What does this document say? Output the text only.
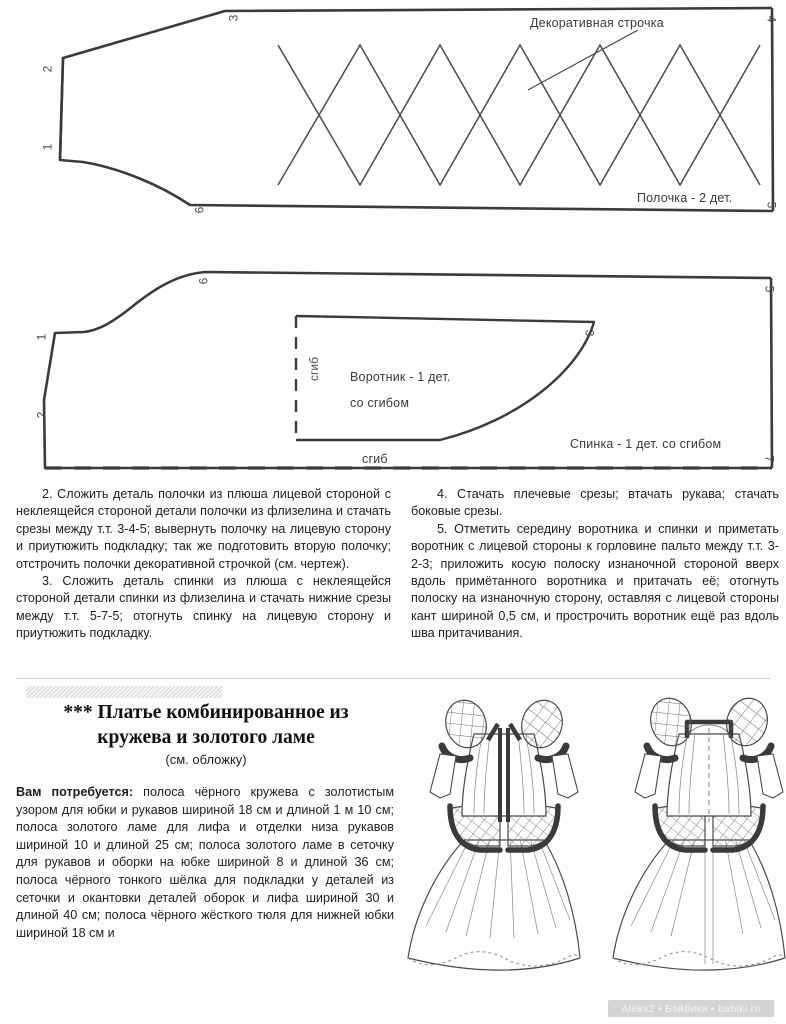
Декоративная строчка
Полочка - 2 дет.
2
1
3
6
4
5
Воротник - 1 дет.
со сгибом
сгиб
сгиб
Спинка - 1 дет. со сгибом
1
2
6
5
7
3

2. Сложить деталь полочки из плюша лицевой стороной с неклеящейся стороной детали полочки из флизелина и стачать срезы между т.т. 3-4-5; вывернуть полочку на лицевую сторону и приутюжить подкладку; так же подготовить вторую полочку; отстрочить полочки декоративной строчкой (см. чертеж).

3. Сложить деталь спинки из плюша с неклеящейся стороной детали спинки из флизелина и стачать нижние срезы между т.т. 5-7-5; отогнуть спинку на лицевую сторону и приутюжить подкладку.

4. Стачать плечевые срезы; втачать рукава; стачать боковые срезы.

5. Отметить середину воротника и спинки и приметать воротник с лицевой стороны к горловине пальто между т.т. 3-2-3; приложить косую полоску изнаночной стороной вверх вдоль примётанного воротника и притачать её; отогнуть полоску на изнаночную сторону, оставляя с лицевой стороны кант шириной 0,5 см, и прострочить воротник ещё раз вдоль шва притачивания.

*** Платье комбинированное из
кружева и золотого ламе
(см. обложку)
Вам потребуется: полоса чёрного кружева с золотистым узором для юбки и рукавов шириной 18 см и длиной 1 м 10 см; полоса золотого ламе для лифа и отделки низа рукавов шириной 10 и длиной 25 см; полоса золотого ламе в сеточку для рукавов и оборки на юбке шириной 8 и длиной 36 см; полоса чёрного тонкого шёлка для подкладки у деталей из сеточки и окантовки деталей оборок и лифа шириной 30 и длиной 40 см; полоса чёрного жёсткого тюля для нижней юбки шириной 18 см и
Aleks2 • Бэйбики • babiki.ru
